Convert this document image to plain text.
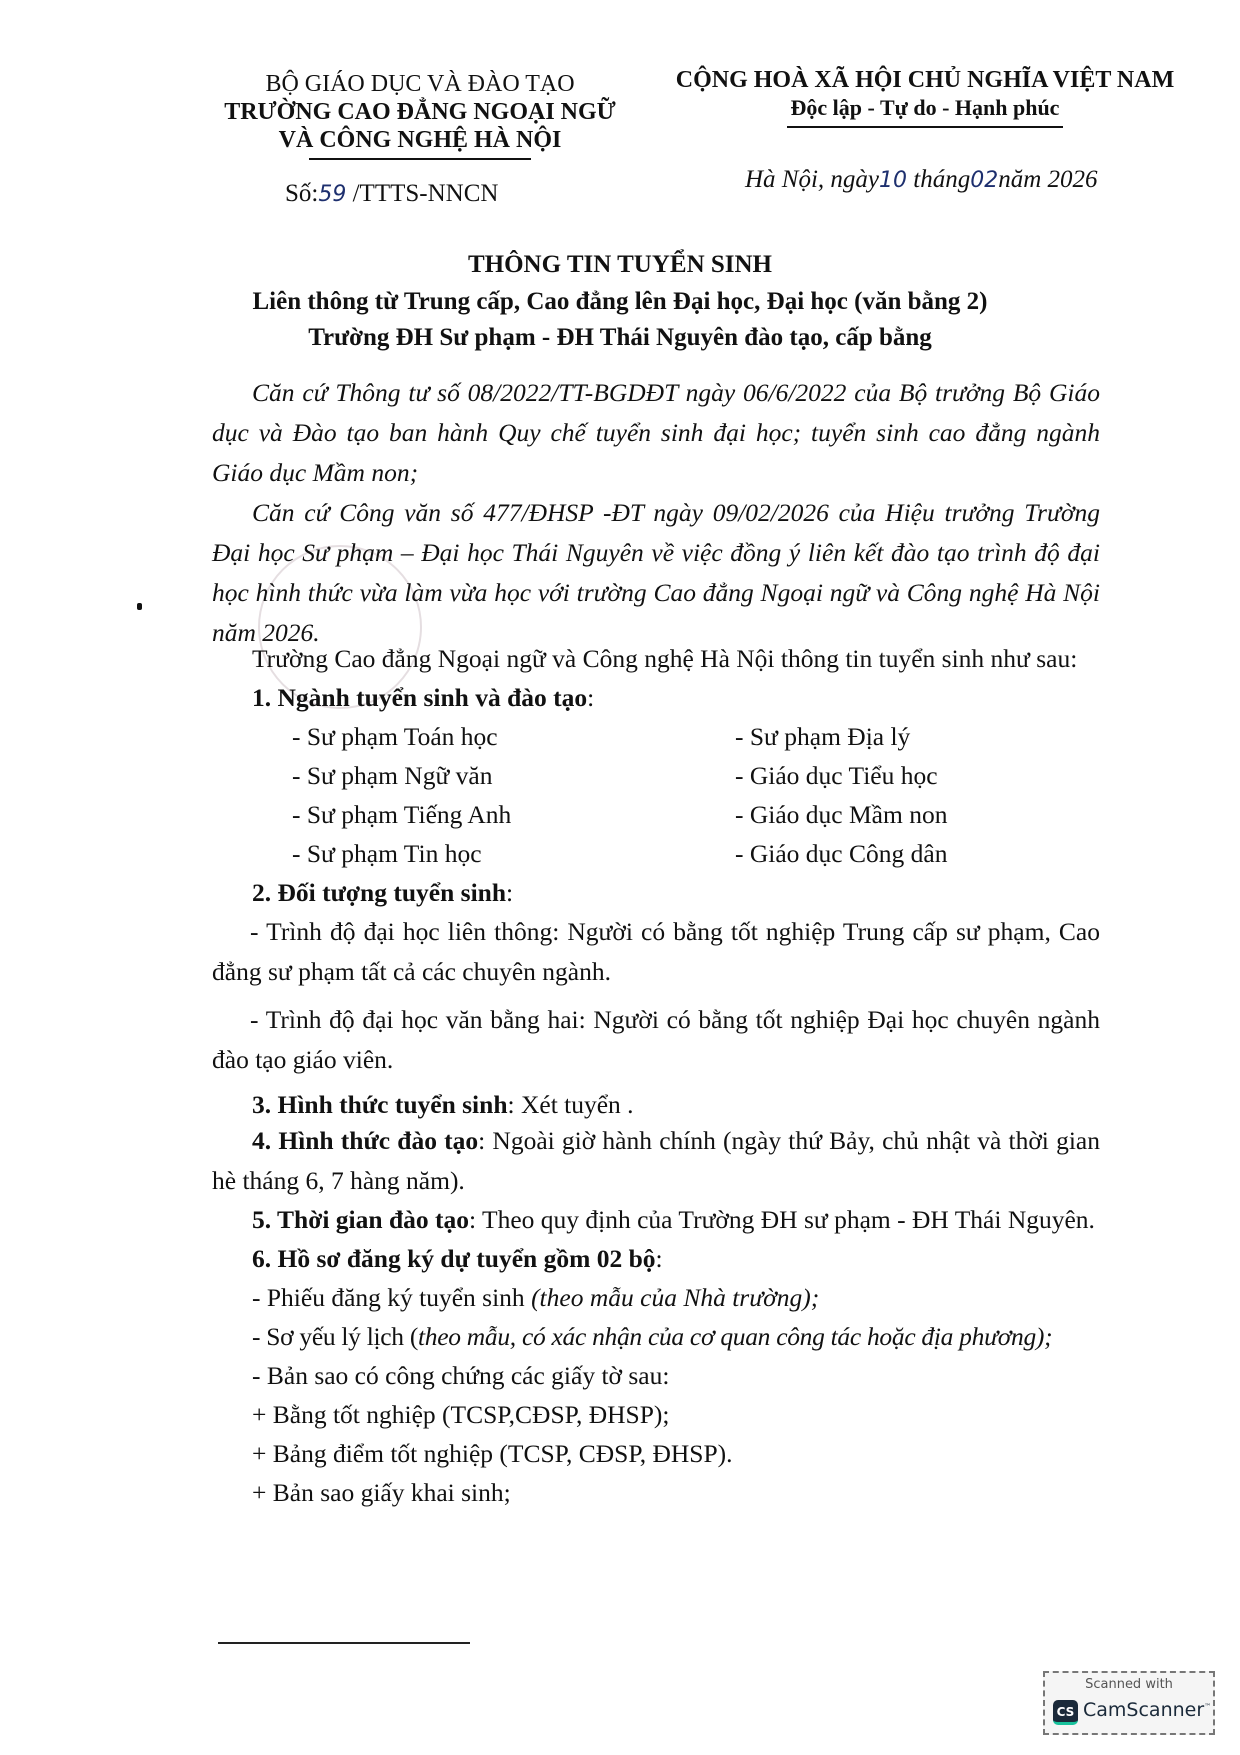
BỘ GIÁO DỤC VÀ ĐÀO TẠO
TRƯỜNG CAO ĐẲNG NGOẠI NGỮ
VÀ CÔNG NGHỆ HÀ NỘI
Số:59 /TTTS-NNCN
CỘNG HOÀ XÃ HỘI CHỦ NGHĨA VIỆT NAM
Độc lập - Tự do - Hạnh phúc
Hà Nội, ngày10 tháng02năm 2026
THÔNG TIN TUYỂN SINH
Liên thông từ Trung cấp, Cao đẳng lên Đại học, Đại học (văn bằng 2)
Trường ĐH Sư phạm - ĐH Thái Nguyên đào tạo, cấp bằng
Căn cứ Thông tư số 08/2022/TT-BGDĐT ngày 06/6/2022 của Bộ trưởng Bộ Giáo dục và Đào tạo ban hành Quy chế tuyển sinh đại học; tuyển sinh cao đẳng ngành Giáo dục Mầm non;
Căn cứ Công văn số 477/ĐHSP -ĐT ngày 09/02/2026 của Hiệu trưởng Trường Đại học Sư phạm – Đại học Thái Nguyên về việc đồng ý liên kết đào tạo trình độ đại học hình thức vừa làm vừa học với trường Cao đẳng Ngoại ngữ và Công nghệ Hà Nội năm 2026.
Trường Cao đẳng Ngoại ngữ và Công nghệ Hà Nội thông tin tuyển sinh như sau:
1. Ngành tuyển sinh và đào tạo:
- Sư phạm Toán học
- Sư phạm Ngữ văn
- Sư phạm Tiếng Anh
- Sư phạm Tin học
- Sư phạm Địa lý
- Giáo dục Tiểu học
- Giáo dục Mầm non
- Giáo dục Công dân
2. Đối tượng tuyển sinh:
- Trình độ đại học liên thông: Người có bằng tốt nghiệp Trung cấp sư phạm, Cao đẳng sư phạm tất cả các chuyên ngành.
- Trình độ đại học văn bằng hai: Người có bằng tốt nghiệp Đại học chuyên ngành đào tạo giáo viên.
3. Hình thức tuyển sinh: Xét tuyển .
4. Hình thức đào tạo: Ngoài giờ hành chính (ngày thứ Bảy, chủ nhật và thời gian hè tháng 6, 7 hàng năm).
5. Thời gian đào tạo: Theo quy định của Trường ĐH sư phạm - ĐH Thái Nguyên.
6. Hồ sơ đăng ký dự tuyển gồm 02 bộ:
- Phiếu đăng ký tuyển sinh (theo mẫu của Nhà trường);
- Sơ yếu lý lịch (theo mẫu, có xác nhận của cơ quan công tác hoặc địa phương);
- Bản sao có công chứng các giấy tờ sau:
+ Bằng tốt nghiệp (TCSP,CĐSP, ĐHSP);
+ Bảng điểm tốt nghiệp (TCSP, CĐSP, ĐHSP).
+ Bản sao giấy khai sinh;
Scanned with
CS CamScanner™
